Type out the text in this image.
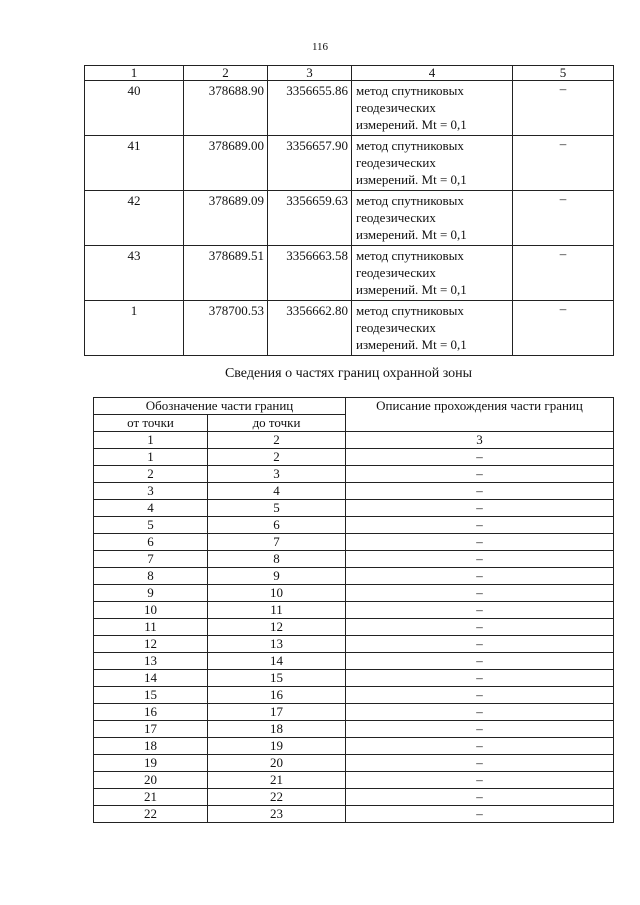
116
1	2	3	4	5
40	378688.90	3356655.86	метод спутниковых
геодезических
измерений. Mt = 0,1	–
41	378689.00	3356657.90	метод спутниковых
геодезических
измерений. Mt = 0,1	–
42	378689.09	3356659.63	метод спутниковых
геодезических
измерений. Mt = 0,1	–
43	378689.51	3356663.58	метод спутниковых
геодезических
измерений. Mt = 0,1	–
1	378700.53	3356662.80	метод спутниковых
геодезических
измерений. Mt = 0,1	–
Сведения о частях границ охранной зоны
Обозначение части границ		Описание прохождения части границ
от точки	до точки	
1	2	3
1	2	–
2	3	–
3	4	–
4	5	–
5	6	–
6	7	–
7	8	–
8	9	–
9	10	–
10	11	–
11	12	–
12	13	–
13	14	–
14	15	–
15	16	–
16	17	–
17	18	–
18	19	–
19	20	–
20	21	–
21	22	–
22	23	–
